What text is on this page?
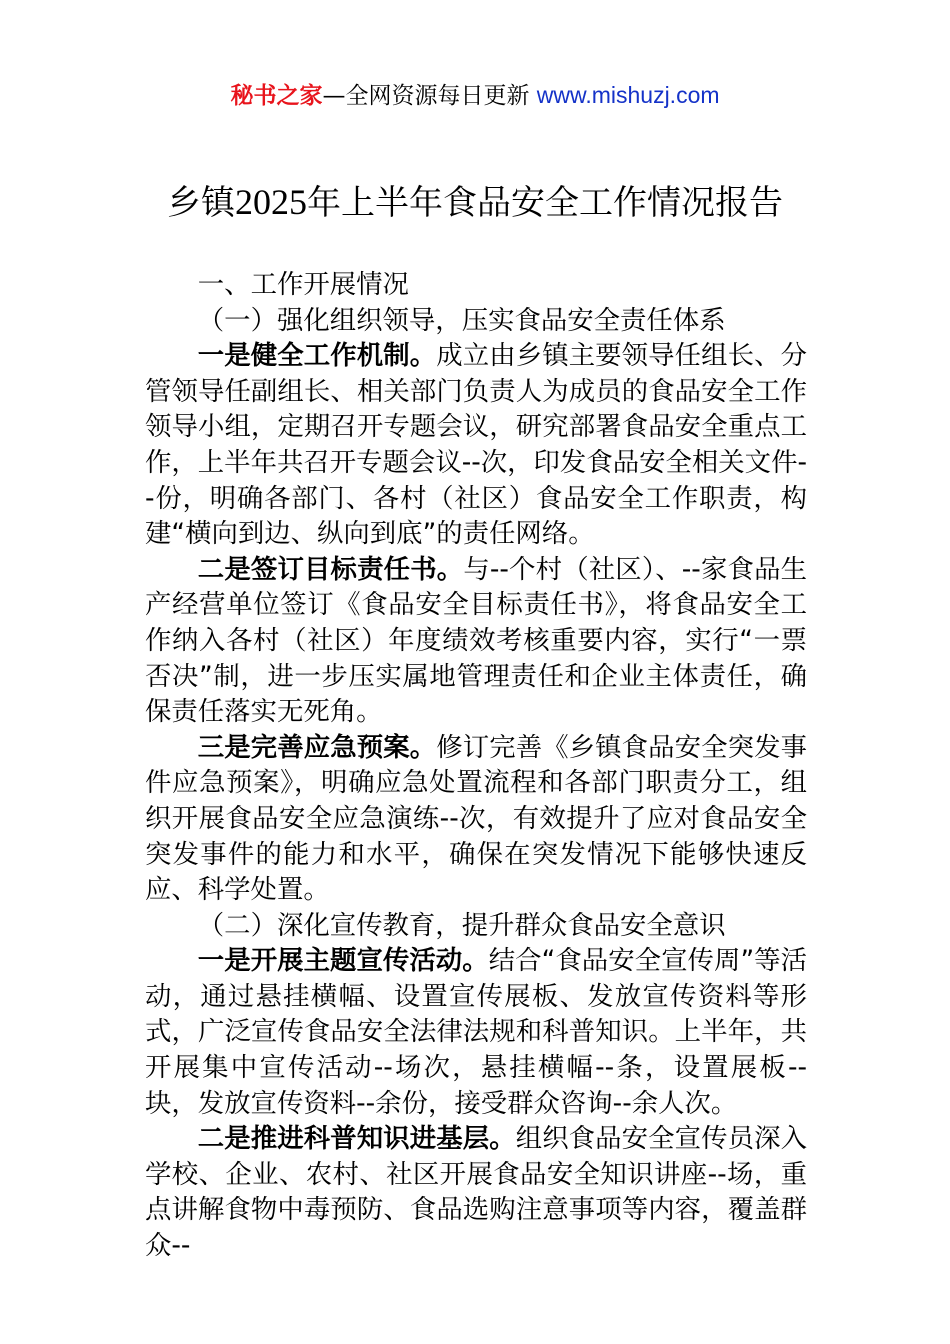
秘书之家—全网资源每日更新 www.mishuzj.com
乡镇2025年上半年食品安全工作情况报告

一、工作开展情况

（一）强化组织领导，压实食品安全责任体系

一是健全工作机制。成立由乡镇主要领导任组长、分管领导任副组长、相关部门负责人为成员的食品安全工作领导小组，定期召开专题会议，研究部署食品安全重点工作，上半年共召开专题会议--次，印发食品安全相关文件--份，明确各部门、各村（社区）食品安全工作职责，构建“横向到边、纵向到底”的责任网络。

二是签订目标责任书。与--个村（社区）、--家食品生产经营单位签订《食品安全目标责任书》，将食品安全工作纳入各村（社区）年度绩效考核重要内容，实行“一票否决”制，进一步压实属地管理责任和企业主体责任，确保责任落实无死角。

三是完善应急预案。修订完善《乡镇食品安全突发事件应急预案》，明确应急处置流程和各部门职责分工，组织开展食品安全应急演练--次，有效提升了应对食品安全突发事件的能力和水平，确保在突发情况下能够快速反应、科学处置。

（二）深化宣传教育，提升群众食品安全意识

一是开展主题宣传活动。结合“食品安全宣传周”等活动，通过悬挂横幅、设置宣传展板、发放宣传资料等形式，广泛宣传食品安全法律法规和科普知识。上半年，共开展集中宣传活动--场次，悬挂横幅--条，设置展板--块，发放宣传资料--余份，接受群众咨询--余人次。

二是推进科普知识进基层。组织食品安全宣传员深入学校、企业、农村、社区开展食品安全知识讲座--场，重点讲解食物中毒预防、食品选购注意事项等内容，覆盖群众--
